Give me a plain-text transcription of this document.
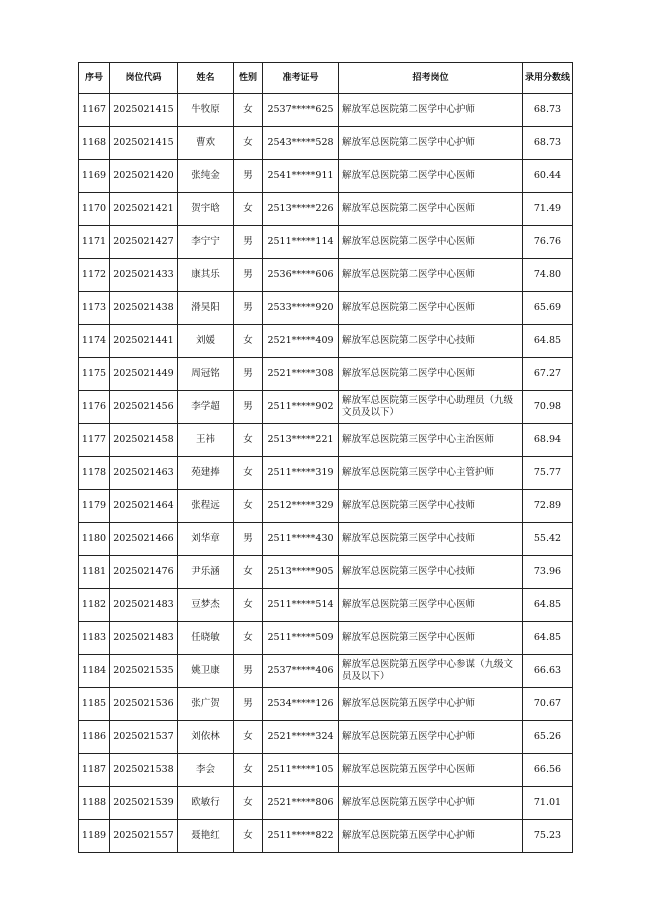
序号	岗位代码	姓名	性别	准考证号	招考岗位	录用分数线
1167	2025021415	牛牧原	女	2537*****625	解放军总医院第二医学中心护师	68.73
1168	2025021415	曹欢	女	2543*****528	解放军总医院第二医学中心护师	68.73
1169	2025021420	张纯金	男	2541*****911	解放军总医院第二医学中心医师	60.44
1170	2025021421	贺宇晗	女	2513*****226	解放军总医院第二医学中心医师	71.49
1171	2025021427	李宁宁	男	2511*****114	解放军总医院第二医学中心医师	76.76
1172	2025021433	康其乐	男	2536*****606	解放军总医院第二医学中心医师	74.80
1173	2025021438	滑昊阳	男	2533*****920	解放军总医院第二医学中心医师	65.69
1174	2025021441	刘媛	女	2521*****409	解放军总医院第二医学中心技师	64.85
1175	2025021449	周冠铭	男	2521*****308	解放军总医院第二医学中心医师	67.27
1176	2025021456	李学超	男	2511*****902	解放军总医院第三医学中心助理员（九级文员及以下）	70.98
1177	2025021458	王祎	女	2513*****221	解放军总医院第三医学中心主治医师	68.94
1178	2025021463	苑建捧	女	2511*****319	解放军总医院第三医学中心主管护师	75.77
1179	2025021464	张程远	女	2512*****329	解放军总医院第三医学中心技师	72.89
1180	2025021466	刘华章	男	2511*****430	解放军总医院第三医学中心技师	55.42
1181	2025021476	尹乐涵	女	2513*****905	解放军总医院第三医学中心技师	73.96
1182	2025021483	豆梦杰	女	2511*****514	解放军总医院第三医学中心医师	64.85
1183	2025021483	任晓敏	女	2511*****509	解放军总医院第三医学中心医师	64.85
1184	2025021535	姚卫康	男	2537*****406	解放军总医院第五医学中心参谋（九级文员及以下）	66.63
1185	2025021536	张广贺	男	2534*****126	解放军总医院第五医学中心护师	70.67
1186	2025021537	刘依林	女	2521*****324	解放军总医院第五医学中心护师	65.26
1187	2025021538	李会	女	2511*****105	解放军总医院第五医学中心医师	66.56
1188	2025021539	欧敏行	女	2521*****806	解放军总医院第五医学中心护师	71.01
1189	2025021557	聂艳红	女	2511*****822	解放军总医院第五医学中心护师	75.23
